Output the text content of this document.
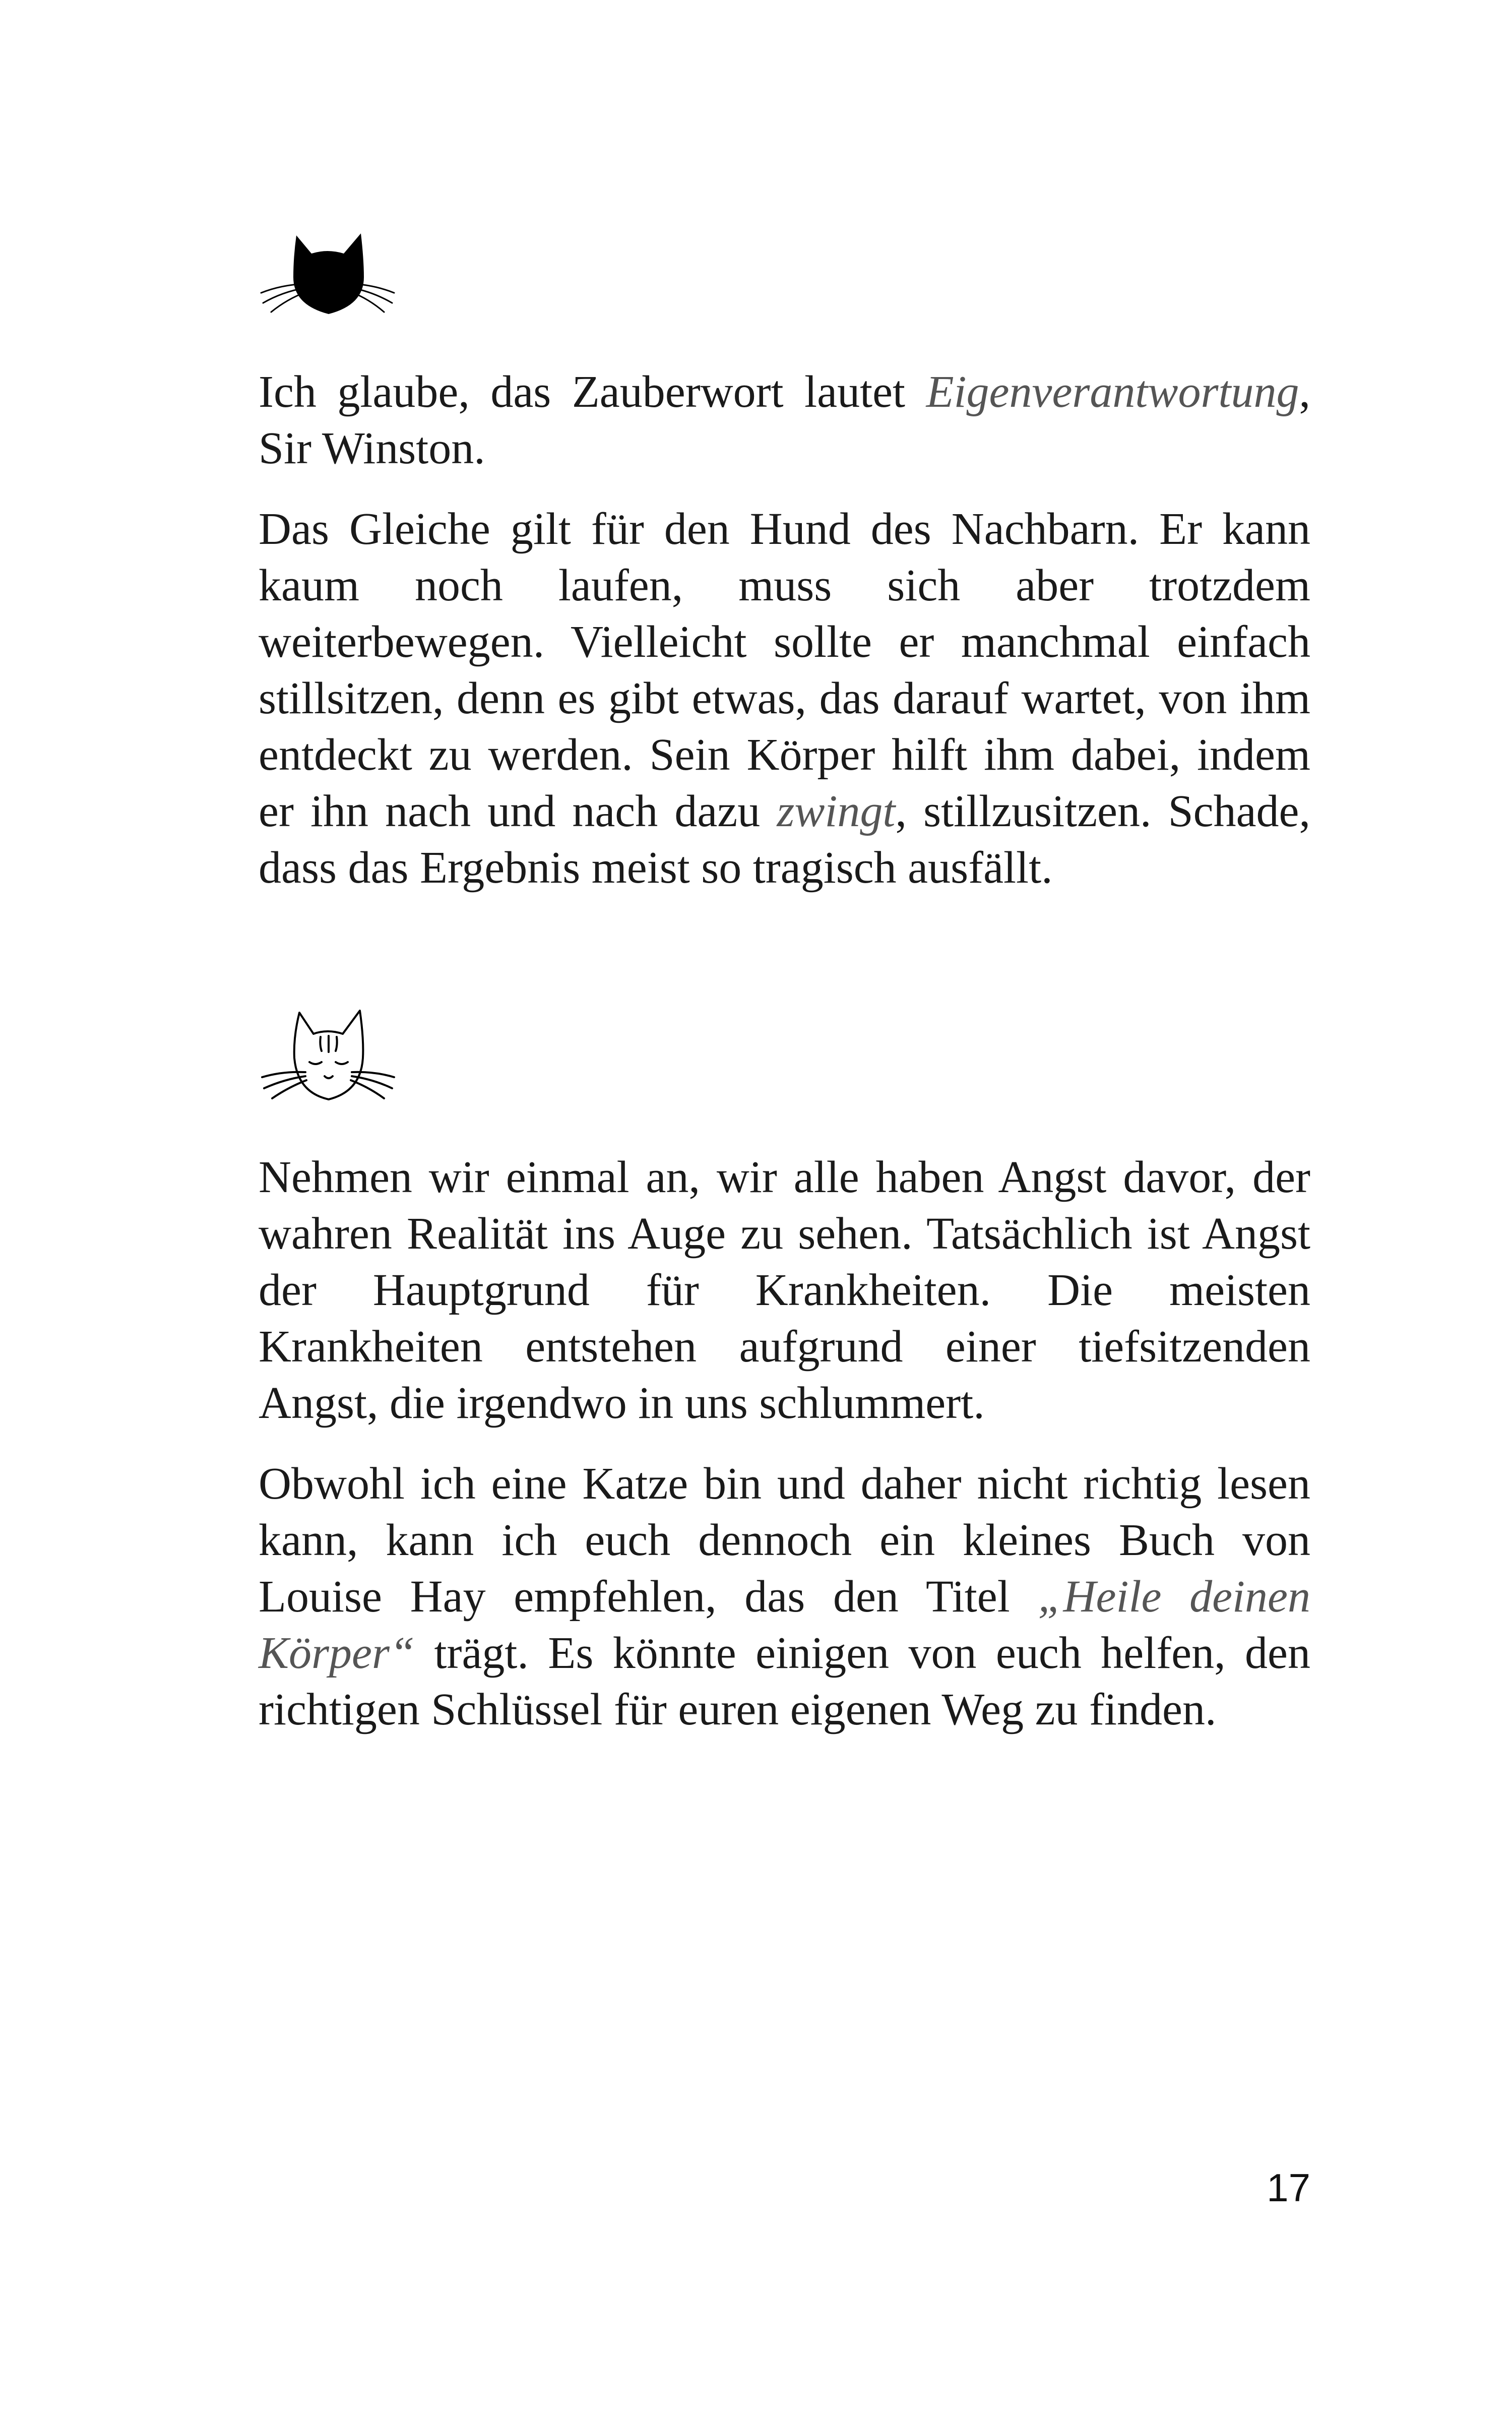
Ich glaube, das Zauberwort lautet Eigenverantwortung, Sir Winston.

Das Gleiche gilt für den Hund des Nachbarn. Er kann kaum noch laufen, muss sich aber trotzdem weiterbewegen. Vielleicht sollte er manchmal einfach stillsitzen, denn es gibt etwas, das darauf wartet, von ihm entdeckt zu werden. Sein Körper hilft ihm dabei, indem er ihn nach und nach dazu zwingt, stillzusitzen. Schade, dass das Ergebnis meist so tragisch ausfällt.

Nehmen wir einmal an, wir alle haben Angst davor, der wahren Realität ins Auge zu sehen. Tatsächlich ist Angst der Hauptgrund für Krankheiten. Die meisten Krankheiten entstehen aufgrund einer tiefsitzenden Angst, die irgendwo in uns schlummert.

Obwohl ich eine Katze bin und daher nicht richtig lesen kann, kann ich euch dennoch ein kleines Buch von Louise Hay empfehlen, das den Titel „Heile deinen Körper“ trägt. Es könnte einigen von euch helfen, den richtigen Schlüssel für euren eigenen Weg zu finden.

17
